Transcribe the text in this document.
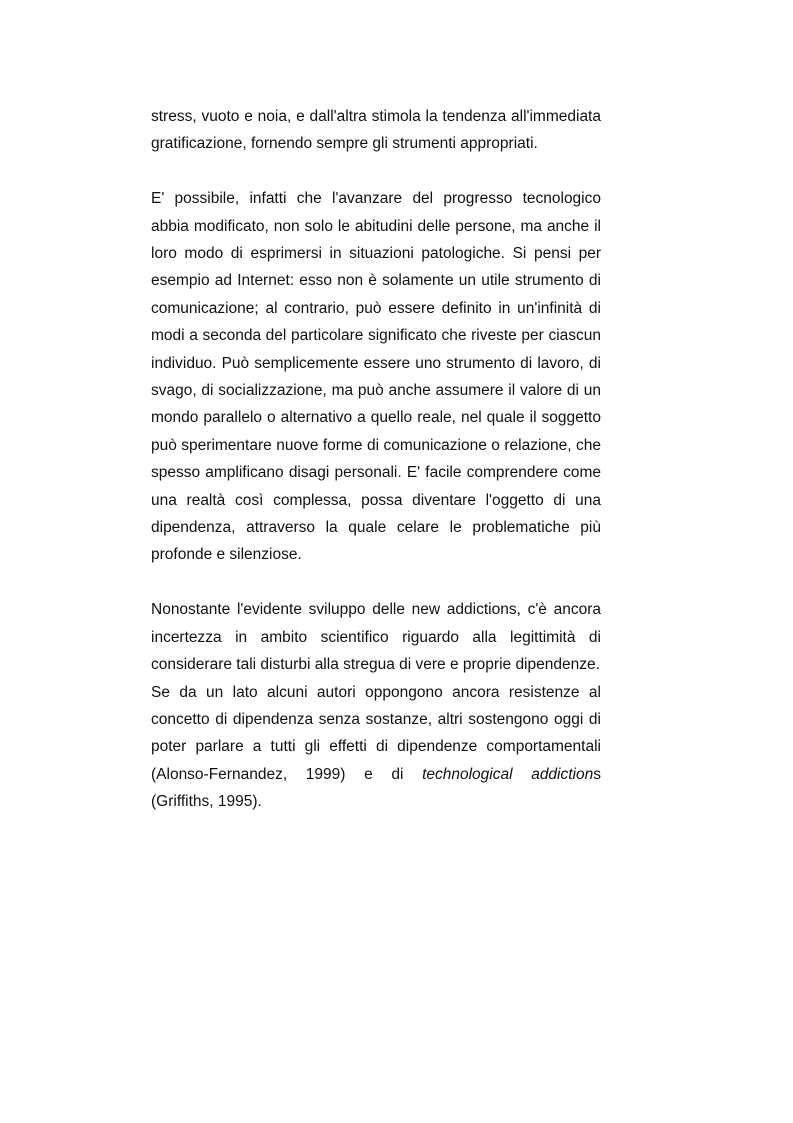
stress, vuoto e noia, e dall'altra stimola la tendenza all'immediata gratificazione, fornendo sempre gli strumenti appropriati.

E' possibile, infatti che l'avanzare del progresso tecnologico abbia modificato, non solo le abitudini delle persone, ma anche il loro modo di esprimersi in situazioni patologiche. Si pensi per esempio ad Internet: esso non è solamente un utile strumento di comunicazione; al contrario, può essere definito in un'infinità di modi a seconda del particolare significato che riveste per ciascun individuo. Può semplicemente essere uno strumento di lavoro, di svago, di socializzazione, ma può anche assumere il valore di un mondo parallelo o alternativo a quello reale, nel quale il soggetto può sperimentare nuove forme di comunicazione o relazione, che spesso amplificano disagi personali. E' facile comprendere come una realtà così complessa, possa diventare l'oggetto di una dipendenza, attraverso la quale celare le problematiche più profonde e silenziose.

Nonostante l'evidente sviluppo delle new addictions, c'è ancora incertezza in ambito scientifico riguardo alla legittimità di considerare tali disturbi alla stregua di vere e proprie dipendenze.

Se da un lato alcuni autori oppongono ancora resistenze al concetto di dipendenza senza sostanze, altri sostengono oggi di poter parlare a tutti gli effetti di dipendenze comportamentali (Alonso-Fernandez, 1999) e di technological addictions

(Griffiths, 1995).
